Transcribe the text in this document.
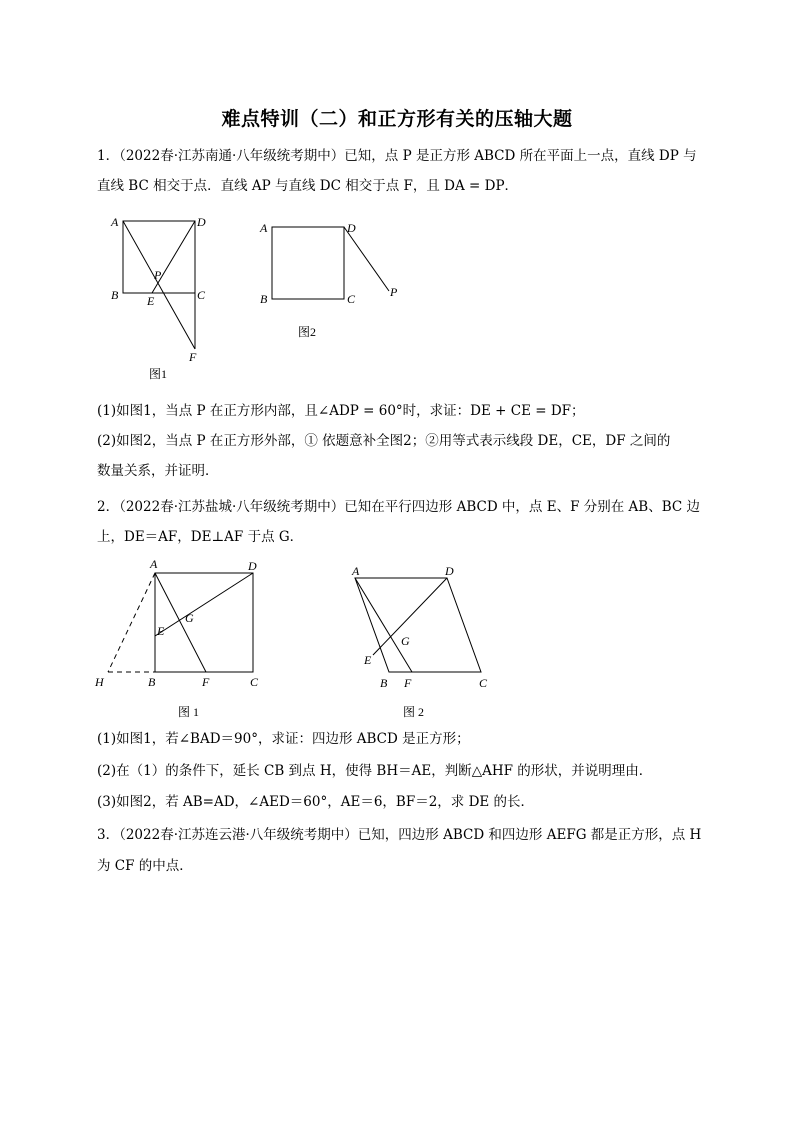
难点特训（二）和正方形有关的压轴大题
1．（2022春·江苏南通·八年级统考期中）已知，点 P 是正方形 ABCD 所在平面上一点，直线 DP 与
直线 BC 相交于点．直线 AP 与直线 DC 相交于点 F，且 DA = DP．
A	D
B	C
P
E
F
图1
A	D
B	C	P
图2
A	D
G
E
H	B	F	C
图 1
A	D
G
E
B F	C
图 2
(1)如图1，当点 P 在正方形内部，且∠ADP = 60°时，求证：DE + CE = DF；
(2)如图2，当点 P 在正方形外部，① 依题意补全图2；②用等式表示线段 DE，CE，DF 之间的
数量关系，并证明．
2．（2022春·江苏盐城·八年级统考期中）已知在平行四边形 ABCD 中，点 E、F 分别在 AB、BC 边
上，DE＝AF，DE⊥AF 于点 G．
(1)如图1，若∠BAD＝90°，求证：四边形 ABCD 是正方形；
(2)在（1）的条件下，延长 CB 到点 H，使得 BH＝AE，判断△AHF 的形状，并说明理由．
(3)如图2，若 AB=AD，∠AED＝60°，AE＝6，BF＝2，求 DE 的长．
3．（2022春·江苏连云港·八年级统考期中）已知，四边形 ABCD 和四边形 AEFG 都是正方形，点 H
为 CF 的中点．
